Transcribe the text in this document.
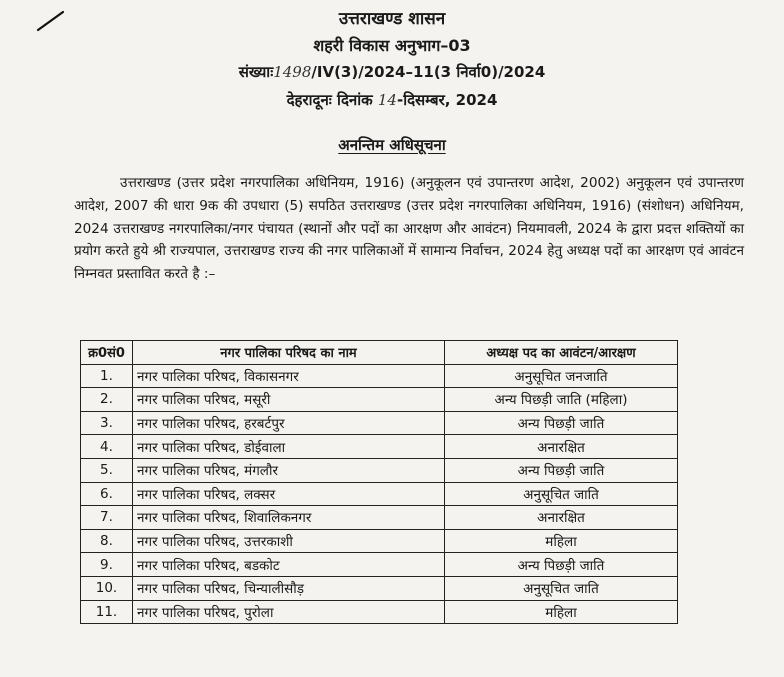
उत्तराखण्ड शासन
शहरी विकास अनुभाग–03
संख्याः1498/IV(3)/2024–11(3 निर्वा0)/2024
देहरादूनः दिनांक 14-दिसम्बर, 2024
अनन्तिम अधिसूचना
उत्तराखण्ड (उत्तर प्रदेश नगरपालिका अधिनियम, 1916) (अनुकूलन एवं उपान्तरण आदेश, 2002) अनुकूलन एवं उपान्तरण आदेश, 2007 की धारा 9क की उपधारा (5) सपठित उत्तराखण्ड (उत्तर प्रदेश नगरपालिका अधिनियम, 1916) (संशोधन) अधिनियम, 2024 उत्तराखण्ड नगरपालिका/नगर पंचायत (स्थानों और पदों का आरक्षण और आवंटन) नियमावली, 2024 के द्वारा प्रदत्त शक्तियों का प्रयोग करते हुये श्री राज्यपाल, उत्तराखण्ड राज्य की नगर पालिकाओं में सामान्य निर्वाचन, 2024 हेतु अध्यक्ष पदों का आरक्षण एवं आवंटन निम्नवत प्रस्तावित करते है :–
क्र0सं0	नगर पालिका परिषद का नाम	अध्यक्ष पद का आवंटन/आरक्षण
1.	नगर पालिका परिषद, विकासनगर	अनुसूचित जनजाति
2.	नगर पालिका परिषद, मसूरी	अन्य पिछड़ी जाति (महिला)
3.	नगर पालिका परिषद, हरबर्टपुर	अन्य पिछड़ी जाति
4.	नगर पालिका परिषद, डोईवाला	अनारक्षित
5.	नगर पालिका परिषद, मंगलौर	अन्य पिछड़ी जाति
6.	नगर पालिका परिषद, लक्सर	अनुसूचित जाति
7.	नगर पालिका परिषद, शिवालिकनगर	अनारक्षित
8.	नगर पालिका परिषद, उत्तरकाशी	महिला
9.	नगर पालिका परिषद, बडकोट	अन्य पिछड़ी जाति
10.	नगर पालिका परिषद, चिन्यालीसौड़	अनुसूचित जाति
11.	नगर पालिका परिषद, पुरोला	महिला
